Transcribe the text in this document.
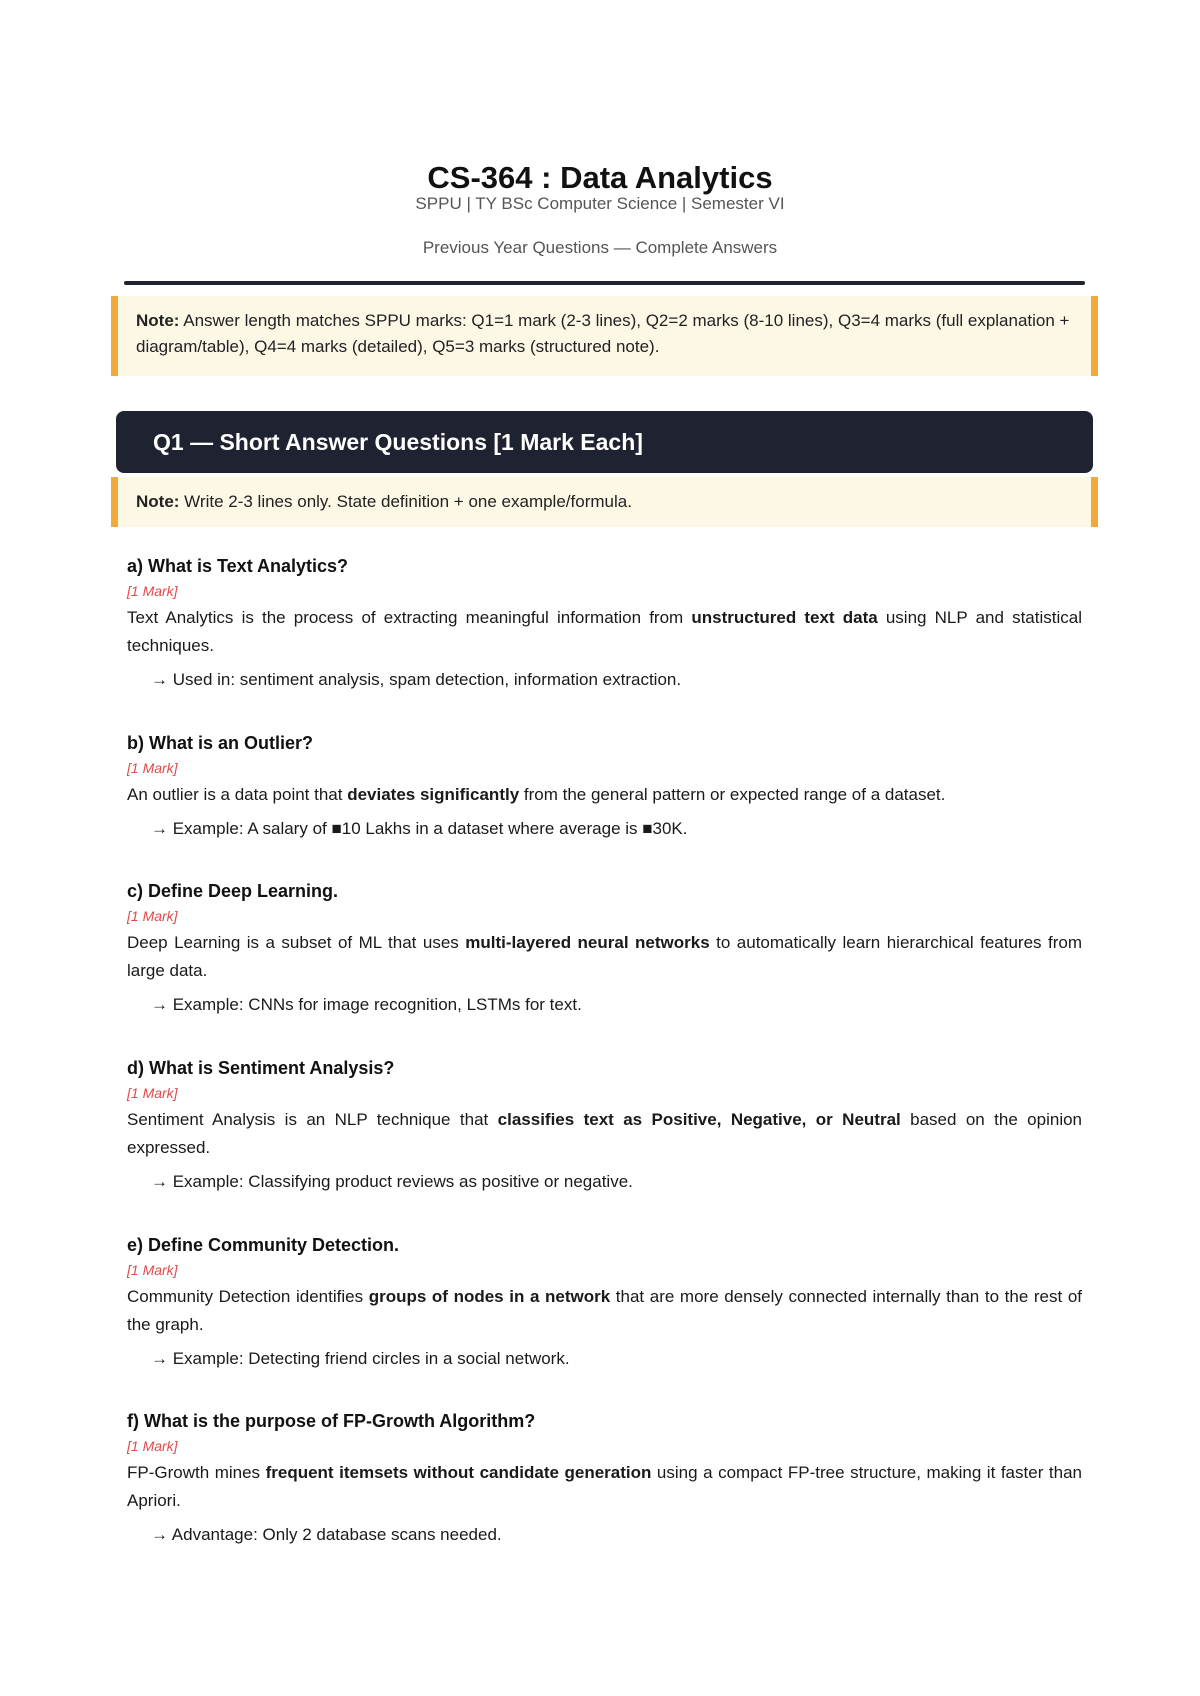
CS-364 : Data Analytics
SPPU | TY BSc Computer Science | Semester VI
Previous Year Questions — Complete Answers
Note: Answer length matches SPPU marks: Q1=1 mark (2-3 lines), Q2=2 marks (8-10 lines), Q3=4 marks (full explanation + diagram/table), Q4=4 marks (detailed), Q5=3 marks (structured note).
Q1 — Short Answer Questions [1 Mark Each]
Note: Write 2-3 lines only. State definition + one example/formula.
a) What is Text Analytics?
[1 Mark]
Text Analytics is the process of extracting meaningful information from unstructured text data using NLP and statistical techniques.
→ Used in: sentiment analysis, spam detection, information extraction.
b) What is an Outlier?
[1 Mark]
An outlier is a data point that deviates significantly from the general pattern or expected range of a dataset.
→ Example: A salary of ■10 Lakhs in a dataset where average is ■30K.
c) Define Deep Learning.
[1 Mark]
Deep Learning is a subset of ML that uses multi-layered neural networks to automatically learn hierarchical features from large data.
→ Example: CNNs for image recognition, LSTMs for text.
d) What is Sentiment Analysis?
[1 Mark]
Sentiment Analysis is an NLP technique that classifies text as Positive, Negative, or Neutral based on the opinion expressed.
→ Example: Classifying product reviews as positive or negative.
e) Define Community Detection.
[1 Mark]
Community Detection identifies groups of nodes in a network that are more densely connected internally than to the rest of the graph.
→ Example: Detecting friend circles in a social network.
f) What is the purpose of FP-Growth Algorithm?
[1 Mark]
FP-Growth mines frequent itemsets without candidate generation using a compact FP-tree structure, making it faster than Apriori.
→ Advantage: Only 2 database scans needed.
